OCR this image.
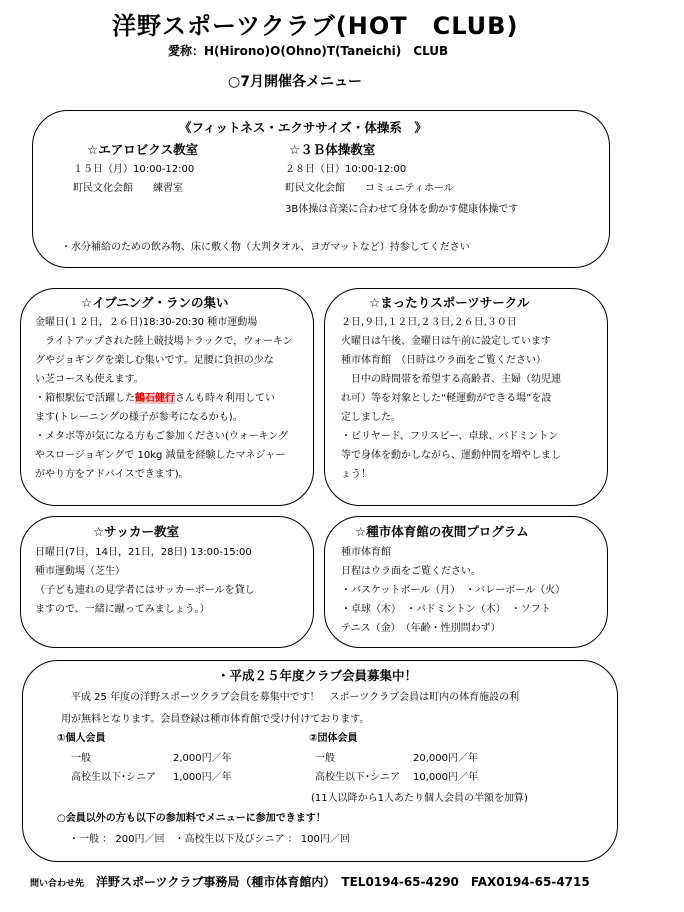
洋野スポーツクラブ(HOT　CLUB)
愛称：H(Hirono)O(Ohno)T(Taneichi)　CLUB
○7月開催各メニュー
《フィットネス・エクササイズ・体操系　》
☆エアロビクス教室	☆３Ｂ体操教室
１５日（月）10:00-12:00	２８日（日）10:00-12:00
町民文化会館　　練習室	町民文化会館　　コミュニティホール
3B体操は音楽に合わせて身体を動かす健康体操です
・水分補給のための飲み物、床に敷く物（大判タオル、ヨガマットなど）持参してください
☆イブニング・ランの集い
金曜日(１２日，２６日)18:30-20:30 種市運動場
　ライトアップされた陸上競技場トラックで，ウォーキン
グやジョギングを楽しむ集いです。足腰に負担の少な
い芝コースも使えます。
・箱根駅伝で活躍した鶴石健行さんも時々利用してい
ます(トレーニングの様子が参考になるかも)。
・メタボ等が気になる方もご参加ください(ウォーキング
やスロージョギングで 10kg 減量を経験したマネジャー
がやり方をアドバイスできます)。
☆まったりスポーツサークル
２日,９日,１２日,２３日,２６日,３０日
火曜日は午後、金曜日は午前に設定しています
種市体育館　（日時はウラ面をご覧ください）
　日中の時間帯を希望する高齢者、主婦（幼児連
れ可）等を対象とした“軽運動ができる場”を設
定しました。
・ビリヤード、フリスビー、卓球、バドミントン
等で身体を動かしながら、運動仲間を増やしまし
ょう！
☆サッカー教室
日曜日(7日，14日，21日，28日) 13:00-15:00
種市運動場（芝生）
（子ども連れの見学者にはサッカーボールを貸し
ますので、一緒に蹴ってみましょう。）
☆種市体育館の夜間プログラム
種市体育館
日程はウラ面をご覧ください。
・バスケットボール（月）　・バレーボール（火）
・卓球（木）　・バドミントン（木）　・ソフト
テニス（金）　（年齢・性別問わず）
・平成２５年度クラブ会員募集中！
平成 25 年度の洋野スポーツクラブ会員を募集中です！　スポーツクラブ会員は町内の体育施設の利
用が無料となります。会員登録は種市体育館で受け付けております。
①個人会員	②団体会員
一般	2,000円／年	一般	20,000円／年
高校生以下･シニア 1,000円／年	高校生以下･シニア 10,000円／年
(11人以降から1人あたり個人会員の半額を加算)
○会員以外の方も以下の参加料でメニューに参加できます！
・一般 ： 200円／回　・高校生以下及びシニア ： 100円／回
問い合わせ先 洋野スポーツクラブ事務局（種市体育館内）　TEL0194-65-4290　FAX0194-65-4715
